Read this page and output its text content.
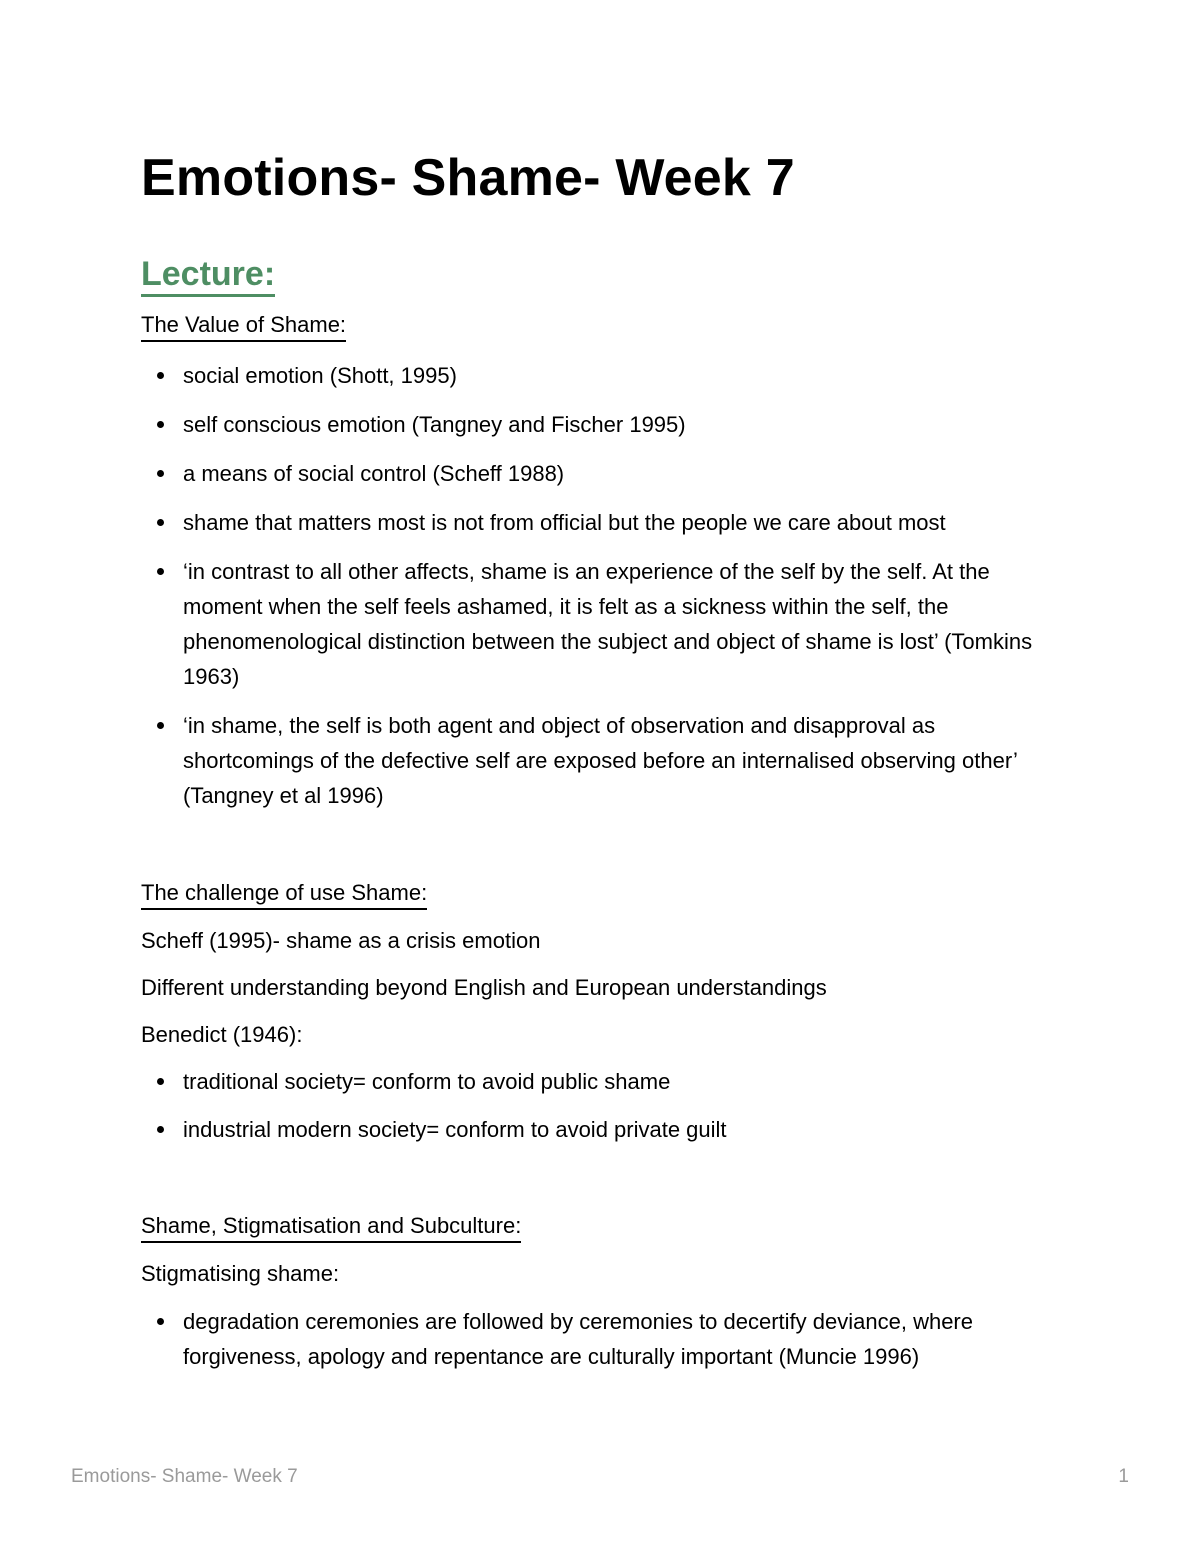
Emotions- Shame- Week 7
Lecture:

The Value of Shame:

social emotion (Shott, 1995)
self conscious emotion (Tangney and Fischer 1995)
a means of social control (Scheff 1988)
shame that matters most is not from official but the people we care about most
‘in contrast to all other affects, shame is an experience of the self by the self. At the moment when the self feels ashamed, it is felt as a sickness within the self, the phenomenological distinction between the subject and object of shame is lost’ (Tomkins 1963)
‘in shame, the self is both agent and object of observation and disapproval as shortcomings of the defective self are exposed before an internalised observing other’ (Tangney et al 1996)

The challenge of use Shame:

Scheff (1995)- shame as a crisis emotion

Different understanding beyond English and European understandings

Benedict (1946):

traditional society= conform to avoid public shame
industrial modern society= conform to avoid private guilt

Shame, Stigmatisation and Subculture:

Stigmatising shame:

degradation ceremonies are followed by ceremonies to decertify deviance, where forgiveness, apology and repentance are culturally important (Muncie 1996)
Emotions- Shame- Week 7	1
